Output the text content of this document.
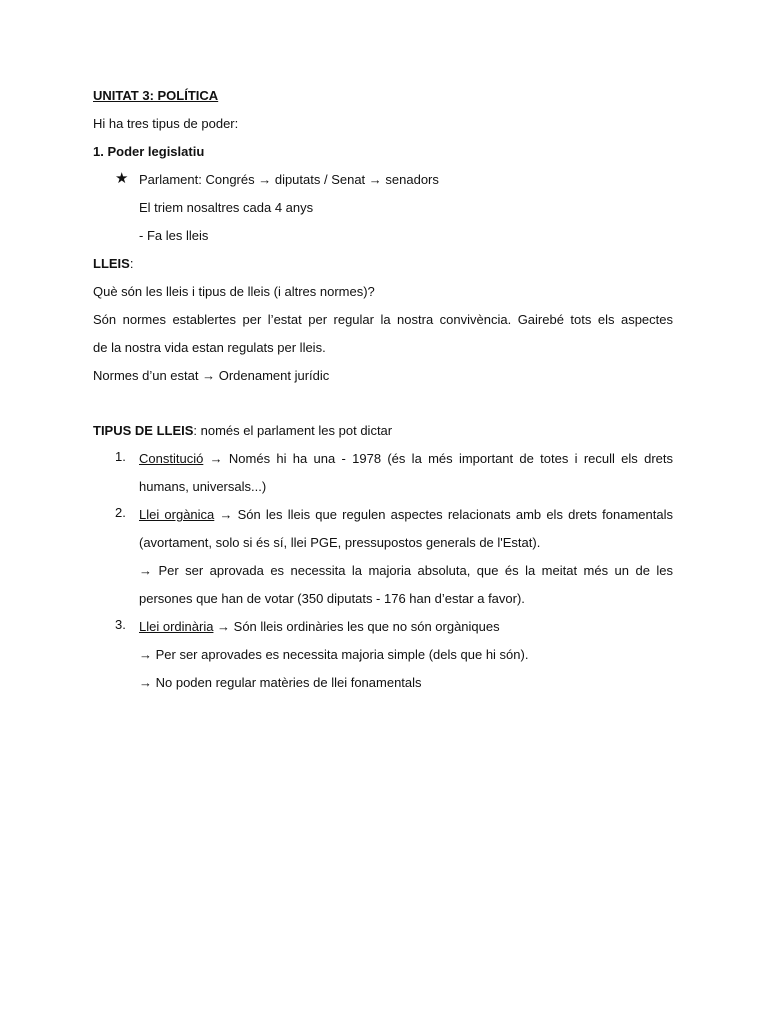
UNITAT 3: POLÍTICA
Hi ha tres tipus de poder:
1. Poder legislatiu
★ Parlament: Congrés → diputats / Senat → senadors
El triem nosaltres cada 4 anys
- Fa les lleis
LLEIS:
Què són les lleis i tipus de lleis (i altres normes)?
Són normes establertes per l’estat per regular la nostra convivència. Gairebé tots els aspectes
de la nostra vida estan regulats per lleis.
Normes d’un estat → Ordenament jurídic
TIPUS DE LLEIS: només el parlament les pot dictar
1. Constitució → Només hi ha una - 1978 (és la més important de totes i recull els drets
humans, universals...)
2. Llei orgànica → Són les lleis que regulen aspectes relacionats amb els drets fonamentals
(avortament, solo si és sí, llei PGE, pressupostos generals de l'Estat).
→ Per ser aprovada es necessita la majoria absoluta, que és la meitat més un de les
persones que han de votar (350 diputats - 176 han d’estar a favor).
3. Llei ordinària → Són lleis ordinàries les que no són orgàniques
→ Per ser aprovades es necessita majoria simple (dels que hi són).
→ No poden regular matèries de llei fonamentals
